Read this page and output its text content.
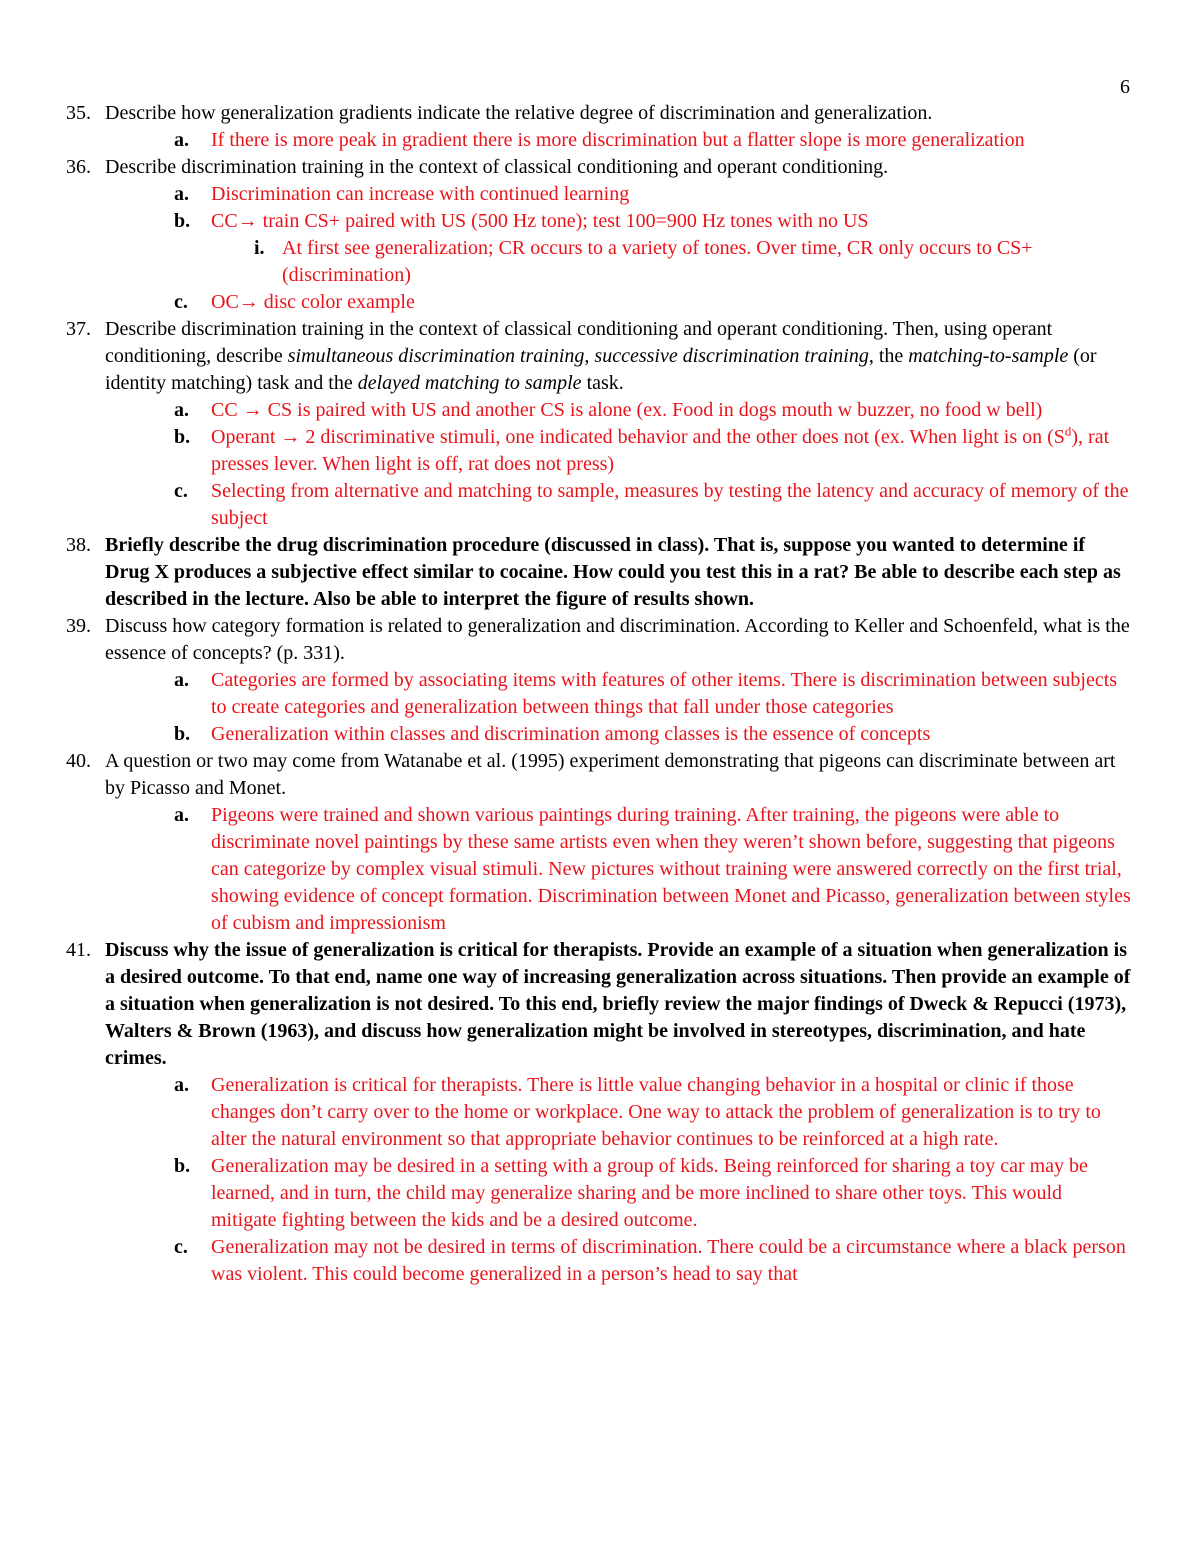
6
35. Describe how generalization gradients indicate the relative degree of discrimination and generalization.
a.	If there is more peak in gradient there is more discrimination but a flatter slope is more generalization
36. Describe discrimination training in the context of classical conditioning and operant conditioning.
a.	Discrimination can increase with continued learning
b.	CC→ train CS+ paired with US (500 Hz tone); test 100=900 Hz tones with no US
i. At first see generalization; CR occurs to a variety of tones. Over time, CR only occurs to CS+ (discrimination)
c.	OC→ disc color example
37. Describe discrimination training in the context of classical conditioning and operant conditioning. Then, using operant conditioning, describe simultaneous discrimination training, successive discrimination training, the matching-to-sample (or identity matching) task and the delayed matching to sample task.
a.	CC → CS is paired with US and another CS is alone (ex. Food in dogs mouth w buzzer, no food w bell)
b.	Operant → 2 discriminative stimuli, one indicated behavior and the other does not (ex. When light is on $(S^d)$, rat presses lever. When light is off, rat does not press)
c.	Selecting from alternative and matching to sample, measures by testing the latency and accuracy of memory of the subject
38. Briefly describe the drug discrimination procedure (discussed in class). That is, suppose you wanted to determine if Drug X produces a subjective effect similar to cocaine. How could you test this in a rat? Be able to describe each step as described in the lecture. Also be able to interpret the figure of results shown.
39. Discuss how category formation is related to generalization and discrimination. According to Keller and Schoenfeld, what is the essence of concepts? (p. 331).
a.	Categories are formed by associating items with features of other items. There is discrimination between subjects to create categories and generalization between things that fall under those categories
b.	Generalization within classes and discrimination among classes is the essence of concepts
40. A question or two may come from Watanabe et al. (1995) experiment demonstrating that pigeons can discriminate between art by Picasso and Monet.
a.	Pigeons were trained and shown various paintings during training. After training, the pigeons were able to discriminate novel paintings by these same artists even when they weren’t shown before, suggesting that pigeons can categorize by complex visual stimuli. New pictures without training were answered correctly on the first trial, showing evidence of concept formation. Discrimination between Monet and Picasso, generalization between styles of cubism and impressionism
41. Discuss why the issue of generalization is critical for therapists. Provide an example of a situation when generalization is a desired outcome. To that end, name one way of increasing generalization across situations. Then provide an example of a situation when generalization is not desired. To this end, briefly review the major findings of Dweck & Repucci (1973), Walters & Brown (1963), and discuss how generalization might be involved in stereotypes, discrimination, and hate crimes.
a.	Generalization is critical for therapists. There is little value changing behavior in a hospital or clinic if those changes don’t carry over to the home or workplace. One way to attack the problem of generalization is to try to alter the natural environment so that appropriate behavior continues to be reinforced at a high rate.
b.	Generalization may be desired in a setting with a group of kids. Being reinforced for sharing a toy car may be learned, and in turn, the child may generalize sharing and be more inclined to share other toys. This would mitigate fighting between the kids and be a desired outcome.
c.	Generalization may not be desired in terms of discrimination. There could be a circumstance where a black person was violent. This could become generalized in a person’s head to say that
